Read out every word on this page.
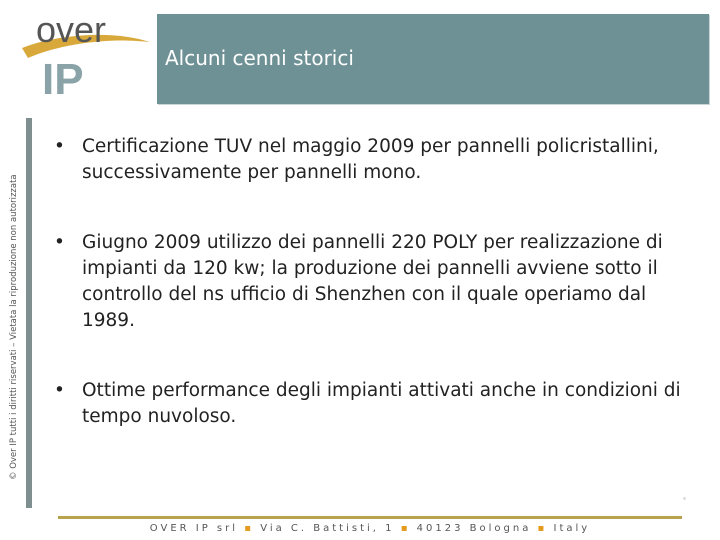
over
IP	Alcuni cenni storici
© Over IP tutti i diritti riservati – Vietata la riproduzione non autorizzata
• Certificazione TUV nel maggio 2009 per pannelli policristallini, successivamente per pannelli mono.
• Giugno 2009 utilizzo dei pannelli 220 POLY per realizzazione di impianti da 120 kw; la produzione dei pannelli avviene sotto il controllo del ns ufficio di Shenzhen con il quale operiamo dal 1989.
• Ottime performance degli impianti attivati anche in condizioni di tempo nuvoloso.
OVER IP srl ▪ Via C. Battisti, 1 ▪ 40123 Bologna ▪ Italy
